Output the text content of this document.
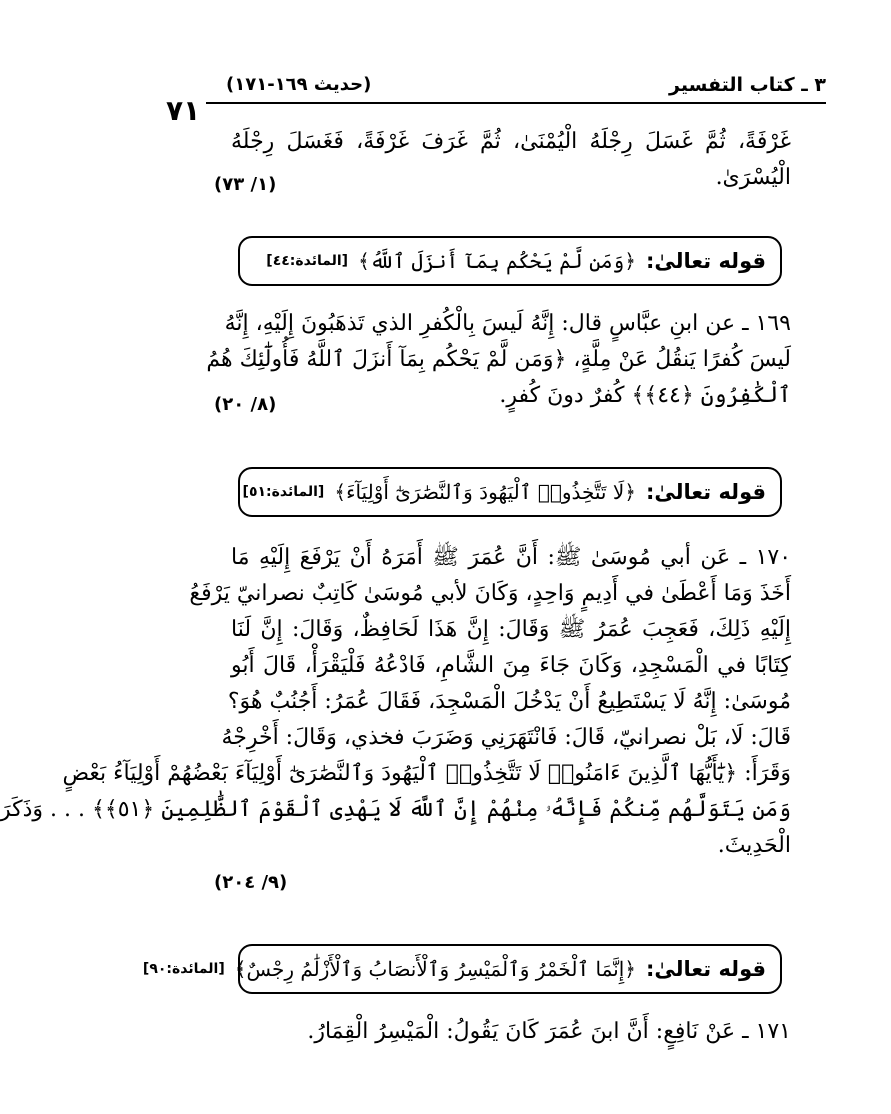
٣ ـ كتاب التفسير
(حديث ١٦٩-١٧١)
٧١
غَرْفَةً، ثُمَّ غَسَلَ رِجْلَهُ الْيُمْنَىٰ، ثُمَّ غَرَفَ غَرْفَةً، فَغَسَلَ رِجْلَهُ
الْيُسْرَىٰ.
(١/ ٧٣)
قوله تعالىٰ:
﴿وَمَن لَّمْ يَحْكُم بِمَآ أَنزَلَ ٱللَّهُ﴾
[المائدة:٤٤]
١٦٩ ـ عن ابنِ عبَّاسٍ قال: إِنَّهُ لَيسَ بِالْكُفرِ الذي تَذهَبُونَ إِلَيْهِ، إِنَّهُ
لَيسَ كُفرًا يَنقُلُ عَنْ مِلَّةٍ، ﴿وَمَن لَّمْ يَحْكُم بِمَآ أَنزَلَ ٱللَّهُ فَأُولَٰٓئِكَ هُمُ
ٱلْكَٰفِرُونَ ﴿٤٤﴾﴾ كُفرٌ دونَ كُفرٍ.
(٨/ ٢٠)
قوله تعالىٰ:
﴿لَا تَتَّخِذُوا۟ ٱلْيَهُودَ وَٱلنَّصَٰرَىٰٓ أَوْلِيَآءَ﴾
[المائدة:٥١]
١٧٠ ـ عَن أبي مُوسَىٰ ﷺ: أَنَّ عُمَرَ ﷺ أَمَرَهُ أَنْ يَرْفَعَ إِلَيْهِ مَا
أَخَذَ وَمَا أَعْطَىٰ في أَدِيمٍ وَاحِدٍ، وَكَانَ لأبي مُوسَىٰ كَاتِبٌ نصرانيّ يَرْفَعُ
إِلَيْهِ ذَلِكَ، فَعَجِبَ عُمَرُ ﷺ وَقَالَ: إِنَّ هَذَا لَحَافِظٌ، وَقَالَ: إِنَّ لَنَا
كِتَابًا في الْمَسْجِدِ، وَكَانَ جَاءَ مِنَ الشَّامِ، فَادْعُهُ فَلْيَقْرَأْ، قَالَ أَبُو
مُوسَىٰ: إِنَّهُ لَا يَسْتَطِيعُ أَنْ يَدْخُلَ الْمَسْجِدَ، فَقَالَ عُمَرُ: أَجُنُبٌ هُوَ؟
قَالَ: لَا، بَلْ نصرانيّ، قَالَ: فَانْتَهَرَنِي وَضَرَبَ فخذي، وَقَالَ: أَخْرِجْهُ
وَقَرَأَ: ﴿يَٰٓأَيُّهَا ٱلَّذِينَ ءَامَنُوا۟ لَا تَتَّخِذُوا۟ ٱلْيَهُودَ وَٱلنَّصَٰرَىٰٓ أَوْلِيَآءَ بَعْضُهُمْ أَوْلِيَآءُ بَعْضٍ
وَمَن يَتَوَلَّهُم مِّنكُمْ فَإِنَّهُۥ مِنْهُمْ إِنَّ ٱللَّهَ لَا يَهْدِى ٱلْقَوْمَ ٱلظَّٰلِمِينَ ﴿٥١﴾﴾ . . . وَذَكَرَ
الْحَدِيثَ.
(٩/ ٢٠٤)
قوله تعالىٰ:
﴿إِنَّمَا ٱلْخَمْرُ وَٱلْمَيْسِرُ وَٱلْأَنصَابُ وَٱلْأَزْلَٰمُ رِجْسٌ﴾
[المائدة:٩٠]
١٧١ ـ عَنْ نَافِعٍ: أَنَّ ابنَ عُمَرَ كَانَ يَقُولُ: الْمَيْسِرُ الْقِمَارُ.
